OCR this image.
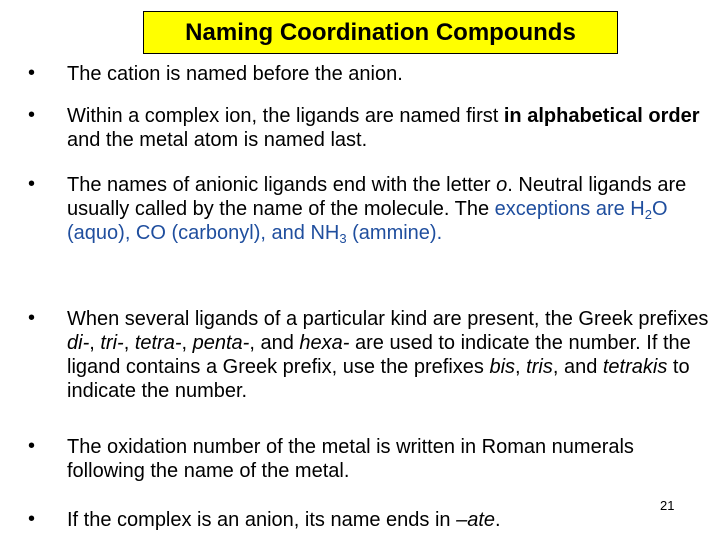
Naming Coordination Compounds
• The cation is named before the anion.
• Within a complex ion, the ligands are named first in alphabetical order and the metal atom is named last.
• The names of anionic ligands end with the letter o. Neutral ligands are usually called by the name of the molecule. The exceptions are $H_2O$ (aquo), CO (carbonyl), and $NH_3$ (ammine).
• When several ligands of a particular kind are present, the Greek prefixes di-, tri-, tetra-, penta-, and hexa- are used to indicate the number. If the ligand contains a Greek prefix, use the prefixes bis, tris, and tetrakis to indicate the number.
• The oxidation number of the metal is written in Roman numerals following the name of the metal.
• If the complex is an anion, its name ends in –ate.
21
